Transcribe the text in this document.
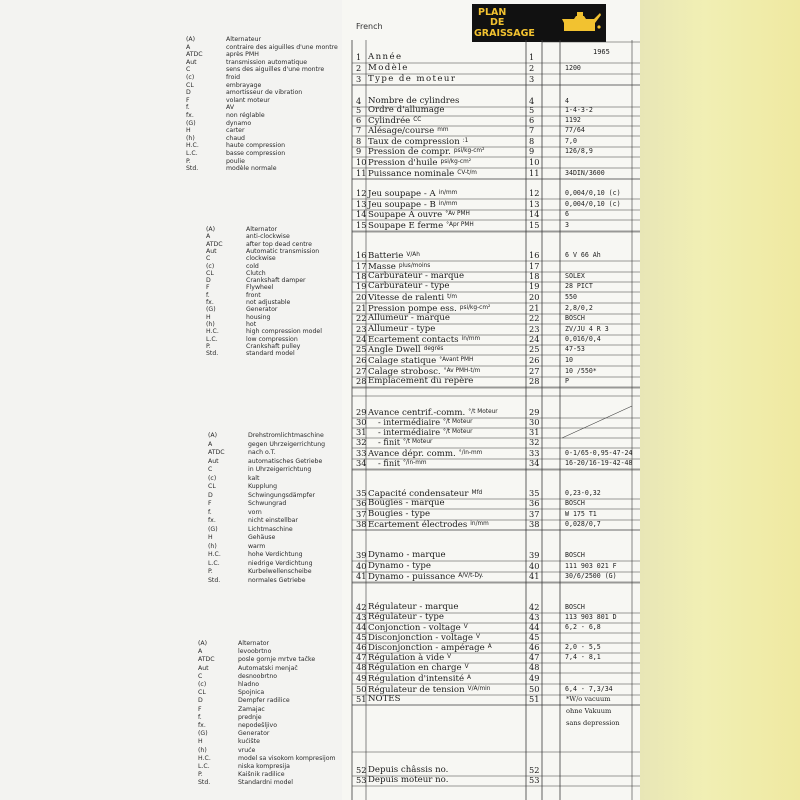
(A)	Alternateur
A	contraire des aiguilles d'une montre
ATDC	après PMH
Aut	transmission automatique
C	sens des aiguilles d'une montre
(c)	froid
CL	embrayage
D	amortisseur de vibration
F	volant moteur
f.	AV
fx.	non réglable
(G)	dynamo
H	carter
(h)	chaud
H.C.	haute compression
L.C.	basse compression
P.	poulie
Std.	modèle normale
(A)	Alternator
A	anti-clockwise
ATDC	after top dead centre
Aut	Automatic transmission
C	clockwise
(c)	cold
CL	Clutch
D	Crankshaft damper
F	Flywheel
f.	front
fx.	not adjustable
(G)	Generator
H	housing
(h)	hot
H.C.	high compression model
L.C.	low compression
P.	Crankshaft pulley
Std.	standard model
(A)	Drehstromlichtmaschine
A	gegen Uhrzeigerrichtung
ATDC	nach o.T.
Aut	automatisches Getriebe
C	in Uhrzeigerrichtung
(c)	kalt
CL	Kupplung
D	Schwingungsdämpfer
F	Schwungrad
f.	vorn
fx.	nicht einstellbar
(G)	Lichtmaschine
H	Gehäuse
(h)	warm
H.C.	hohe Verdichtung
L.C.	niedrige Verdichtung
P.	Kurbelwellenscheibe
Std.	normales Getriebe
(A)	Alternator
A	levoobrtno
ATDC	posle gornje mrtve tačke
Aut	Automatski menjač
C	desnoobrtno
(c)	hladno
CL	Spojnica
D	Dempfer radilice
F	Zamajac
f.	prednje
fx.	nepodešljivo
(G)	Generator
H	kućište
(h)	vruće
H.C.	model sa visokom kompresijom
L.C.	niska kompresija
P.	Kaišnik radilice
Std.	Standardni model
French
PLAN
DE
GRAISSAGE
1 Année	1
2 Modèle	2	1200
3 Type de moteur	3
4 Nombre de cylindres	4	4
5 Ordre d'allumage	5	1-4-3-2
6 Cylindrée $^{CC}$	6	1192
7 Alésage/course $^{mm}$	7	77/64
8 Taux de compression $^{:1}$	8	7,0
9 Pression de compr. $^{psi/kg-cm^2}$	9	126/8,9
10 Pression d'huile $^{psi/kg-cm^2}$	10
11 Puissance nominale $^{CV-t/m}$	11	34DIN/3600
12 Jeu soupape - A $^{in/mm}$	12	0,004/0,10 (c)
13 Jeu soupape - B $^{in/mm}$	13	0,004/0,10 (c)
14 Soupape A ouvre $^{^\circ Av PMH}$	14	6
15 Soupape E ferme $^{^\circ Apr PMH}$	15	3
16 Batterie $^{V/Ah}$	16	6 V 66 Ah
17 Masse $^{plus/moins}$	17
18 Carburateur - marque	18	SOLEX
19 Carburateur - type	19	28 PICT
20 Vitesse de ralenti $^{t/m}$	20	550
21 Pression pompe ess. $^{psi/kg-cm^2}$	21	2,8/0,2
22 Allumeur - marque	22	BOSCH
23 Allumeur - type	23	ZV/JU 4 R 3
24 Ecartement contacts $^{in/mm}$	24	0,016/0,4
25 Angle Dwell $^{degrés}$	25	47-53
26 Calage statique $^{^\circ Avant PMH}$	26	10
27 Calage strobosc. $^{^\circ Av PMH-t/m}$	27	10 /550*
28 Emplacement du repère	28	P
29 Avance centrif.-comm. $^{^\circ/t Moteur}$	29
30 - intermédiaire $^{^\circ/t Moteur}$	30
31 - intermédiaire $^{^\circ/t Moteur}$	31
32 - finit $^{^\circ/t Moteur}$	32
33 Avance dépr. comm. $^{^\circ/in-mm}$	33	0-1/65-0,95-47-24
34 - finit $^{^\circ/in-mm}$	34	16-20/16-19-42-48
35 Capacité condensateur $^{Mfd}$	35	0,23-0,32
36 Bougies - marque	36	BOSCH
37 Bougies - type	37	W 175 T1
38 Ecartement électrodes $^{in/mm}$	38	0,028/0,7
39 Dynamo - marque	39	BOSCH
40 Dynamo - type	40	111 903 021 F
41 Dynamo - puissance $^{A/V/t-Dy.}$	41	30/6/2500 (G)
42 Régulateur - marque	42	BOSCH
43 Régulateur - type	43	113 903 801 D
44 Conjonction - voltage $^V$	44	6,2 - 6,8
45 Disconjonction - voltage $^V$	45
46 Disconjonction - ampérage $^A$	46	2,0 - 5,5
47 Régulation à vide $^V$	47	7,4 - 8,1
48 Régulation en charge $^V$	48
49 Régulation d'intensité $^A$	49
50 Régulateur de tension $^{V/A/min}$	50	6,4 - 7,3/34
51 NOTES	51
52 Depuis châssis no.	52
53 Depuis moteur no.	53
1965
*W/o vacuum
ohne Vakuum
sans depression
